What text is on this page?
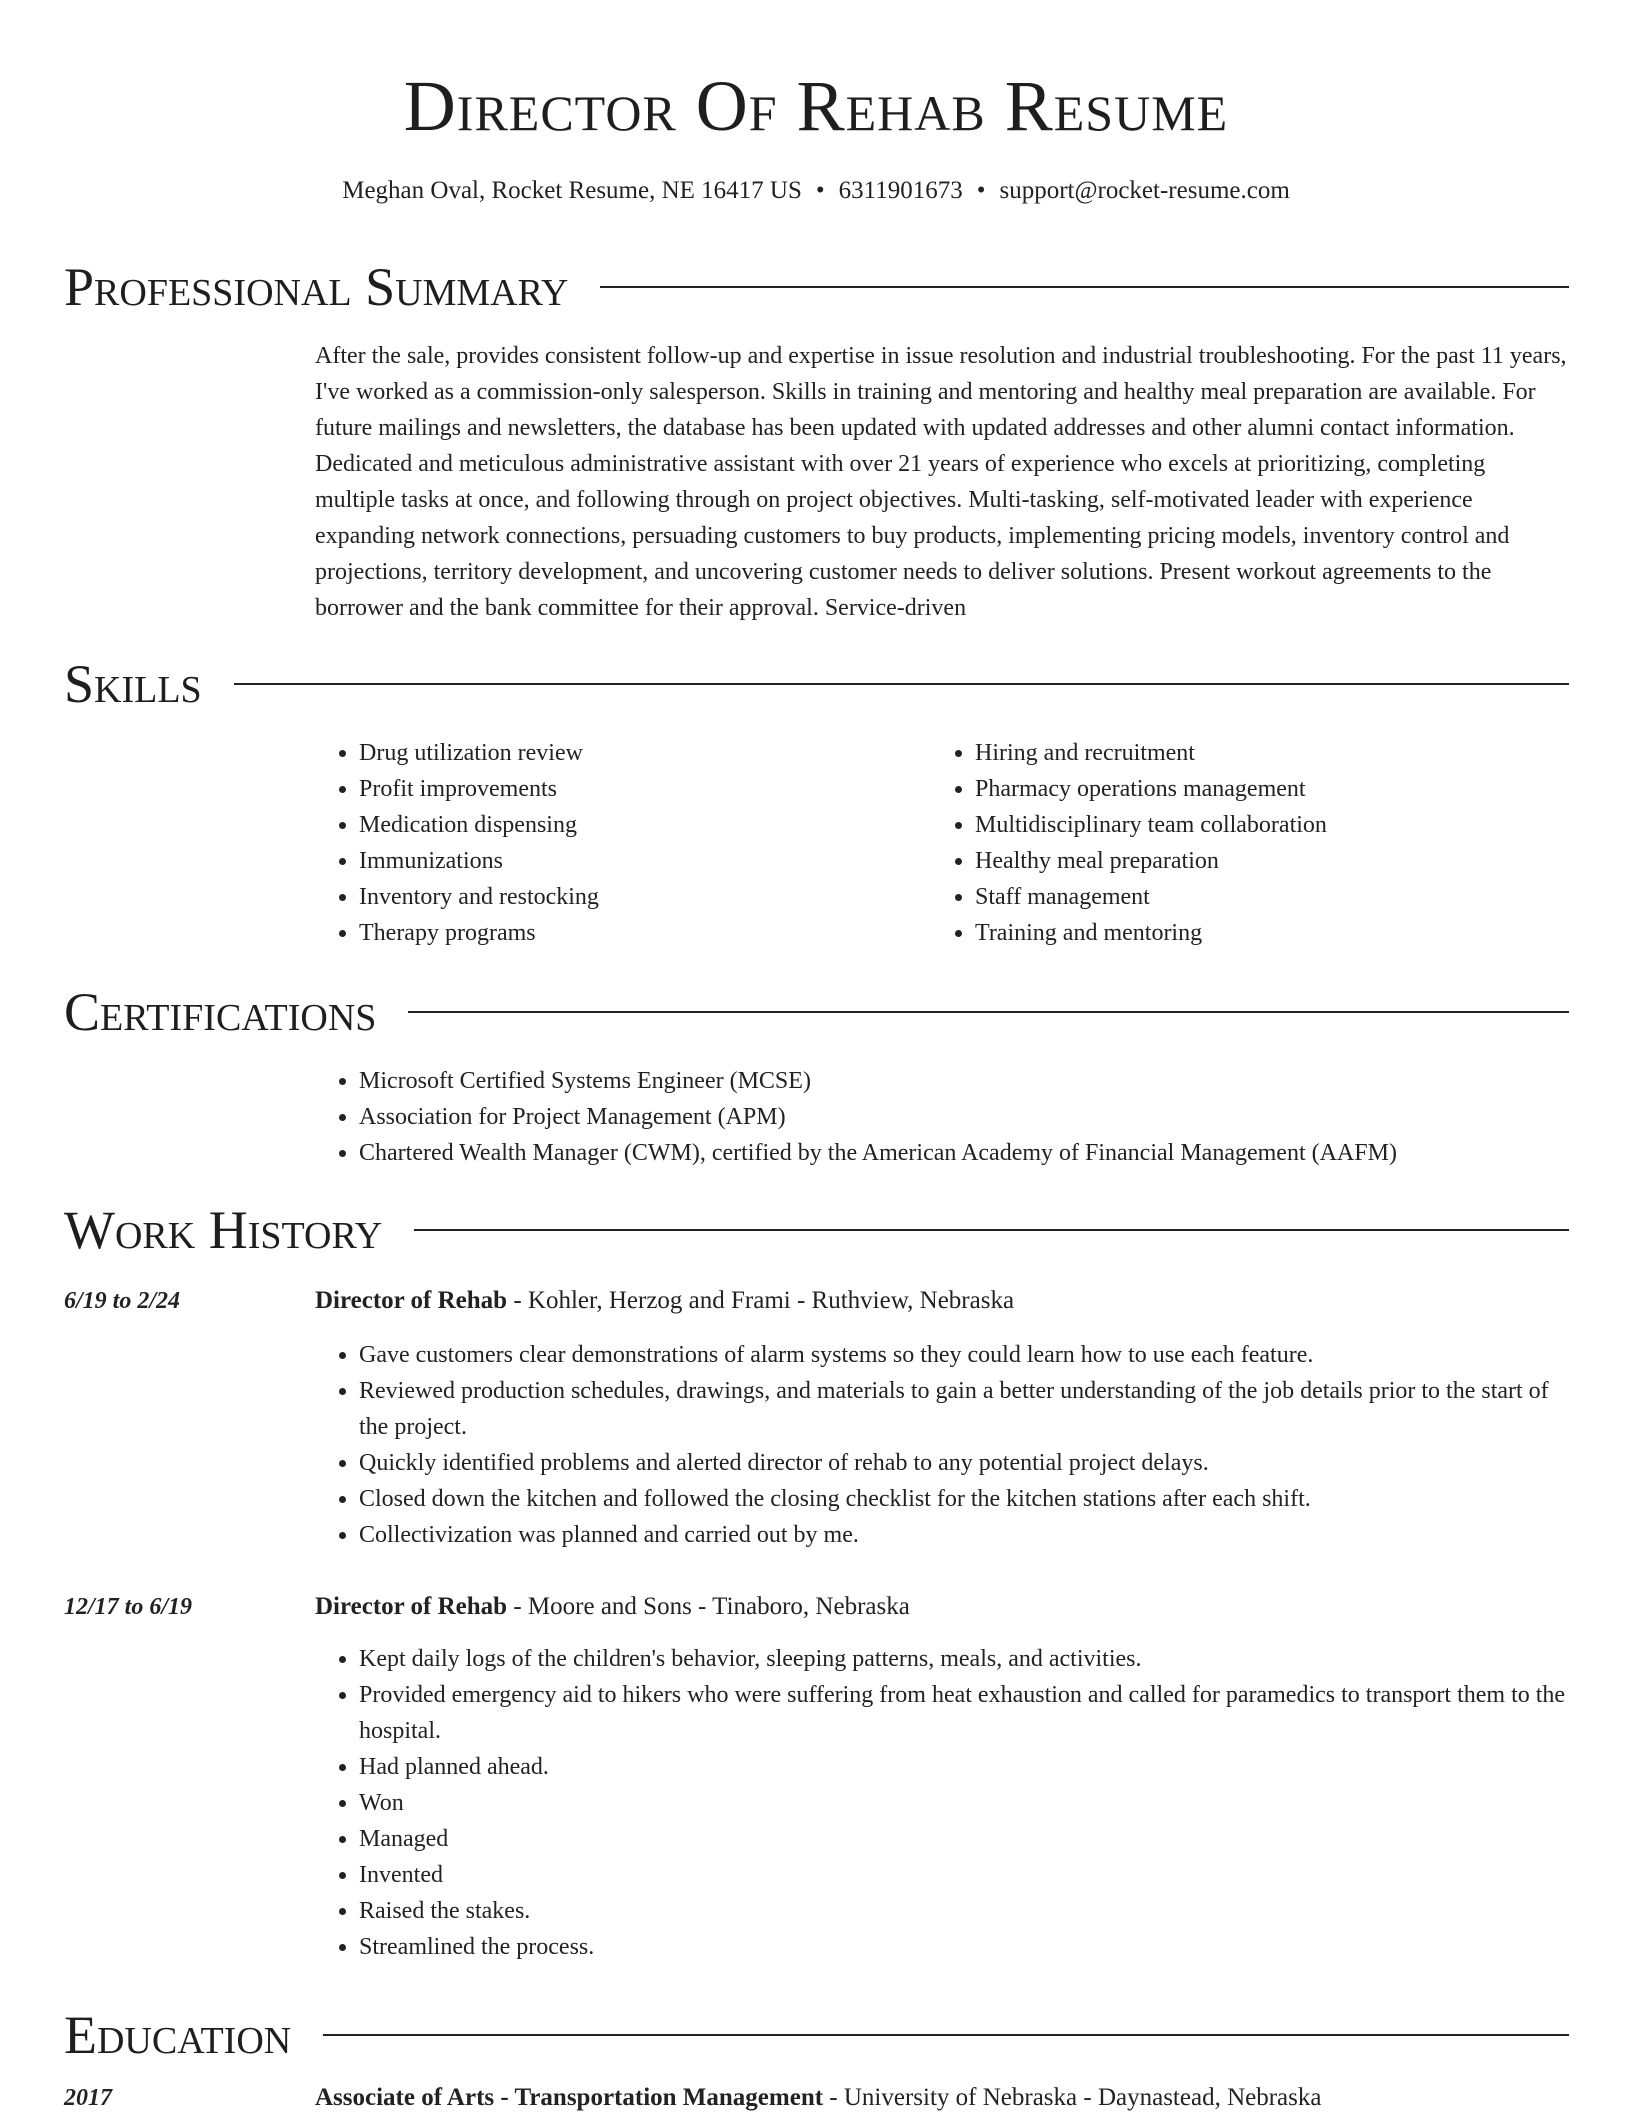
Director Of Rehab Resume
Meghan Oval, Rocket Resume, NE 16417 US • 6311901673 • support@rocket-resume.com
Professional Summary

After the sale, provides consistent follow-up and expertise in issue resolution and industrial troubleshooting. For the past 11 years, I've worked as a commission-only salesperson. Skills in training and mentoring and healthy meal preparation are available. For future mailings and newsletters, the database has been updated with updated addresses and other alumni contact information. Dedicated and meticulous administrative assistant with over 21 years of experience who excels at prioritizing, completing multiple tasks at once, and following through on project objectives. Multi-tasking, self-motivated leader with experience expanding network connections, persuading customers to buy products, implementing pricing models, inventory control and projections, territory development, and uncovering customer needs to deliver solutions. Present workout agreements to the borrower and the bank committee for their approval. Service-driven

Skills
• Drug utilization review
• Profit improvements
• Medication dispensing
• Immunizations
• Inventory and restocking
• Therapy programs
• Hiring and recruitment
• Pharmacy operations management
• Multidisciplinary team collaboration
• Healthy meal preparation
• Staff management
• Training and mentoring
Certifications
• Microsoft Certified Systems Engineer (MCSE)
• Association for Project Management (APM)
• Chartered Wealth Manager (CWM), certified by the American Academy of Financial Management (AAFM)
Work History
6/19 to 2/24	Director of Rehab - Kohler, Herzog and Frami - Ruthview, Nebraska
• Gave customers clear demonstrations of alarm systems so they could learn how to use each feature.
• Reviewed production schedules, drawings, and materials to gain a better understanding of the job details prior to the start of the project.
• Quickly identified problems and alerted director of rehab to any potential project delays.
• Closed down the kitchen and followed the closing checklist for the kitchen stations after each shift.
• Collectivization was planned and carried out by me.
12/17 to 6/19	Director of Rehab - Moore and Sons - Tinaboro, Nebraska
• Kept daily logs of the children's behavior, sleeping patterns, meals, and activities.
• Provided emergency aid to hikers who were suffering from heat exhaustion and called for paramedics to transport them to the hospital.
• Had planned ahead.
• Won
• Managed
• Invented
• Raised the stakes.
• Streamlined the process.
Education
2017	Associate of Arts - Transportation Management - University of Nebraska - Daynastead, Nebraska
